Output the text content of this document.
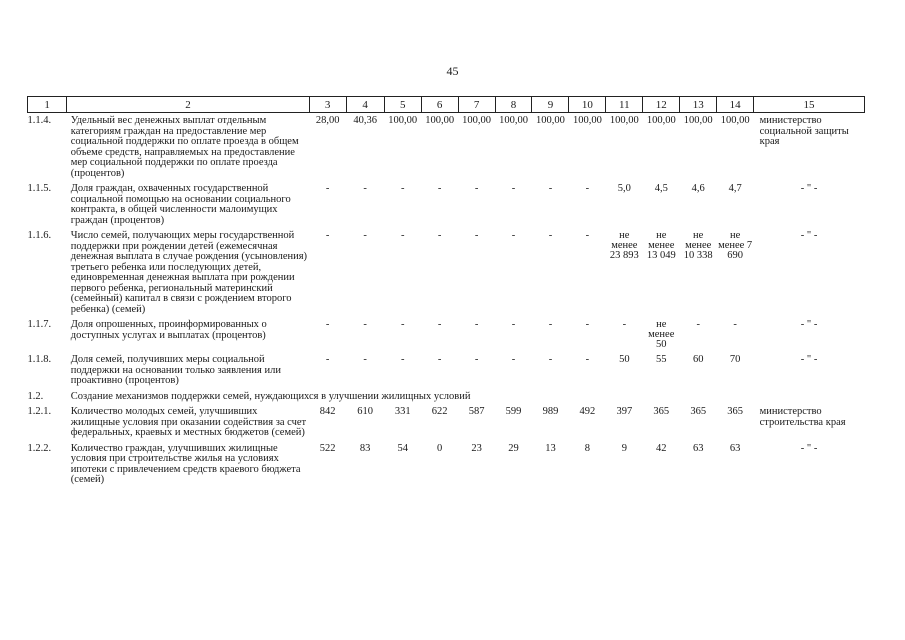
45
1	2	3	4	5	6	7	8	9	10	11	12	13	14	15
1.1.4.	Удельный вес денежных выплат отдельным категориям граждан на предоставление мер социальной поддержки по оплате проезда в общем объеме средств, направляемых на предоставление мер социальной поддержки по оплате проезда (процентов)	28,00	40,36	100,00	100,00	100,00	100,00	100,00	100,00	100,00	100,00	100,00	100,00	министерство социальной защиты края
1.1.5.	Доля граждан, охваченных государственной социальной помощью на основании социального контракта, в общей численности малоимущих граждан (процентов)	-	-	-	-	-	-	-	-	5,0	4,5	4,6	4,7	- " -
1.1.6.	Число семей, получающих меры государственной поддержки при рождении детей (ежемесячная денежная выплата в случае рождения (усыновления) третьего ребенка или последующих детей, единовременная денежная выплата при рождении первого ребенка, региональный материнский (семейный) капитал в связи с рождением второго ребенка) (семей)	-	-	-	-	-	-	-	-	не менее 23 893	не менее 13 049	не менее 10 338	не менее 7 690	- " -
1.1.7.	Доля опрошенных, проинформированных о доступных услугах и выплатах (процентов)	-	-	-	-	-	-	-	-	-	не менее 50	-	-	- " -
1.1.8.	Доля семей, получивших меры социальной поддержки на основании только заявления или проактивно (процентов)	-	-	-	-	-	-	-	-	50	55	60	70	- " -
1.2.	Создание механизмов поддержки семей, нуждающихся в улучшении жилищных условий													
1.2.1.	Количество молодых семей, улучшивших жилищные условия при оказании содействия за счет федеральных, краевых и местных бюджетов (семей)	842	610	331	622	587	599	989	492	397	365	365	365	министерство строительства края
1.2.2.	Количество граждан, улучшивших жилищные условия при строительстве жилья на условиях ипотеки с привлечением средств краевого бюджета (семей)	522	83	54	0	23	29	13	8	9	42	63	63	- " -
